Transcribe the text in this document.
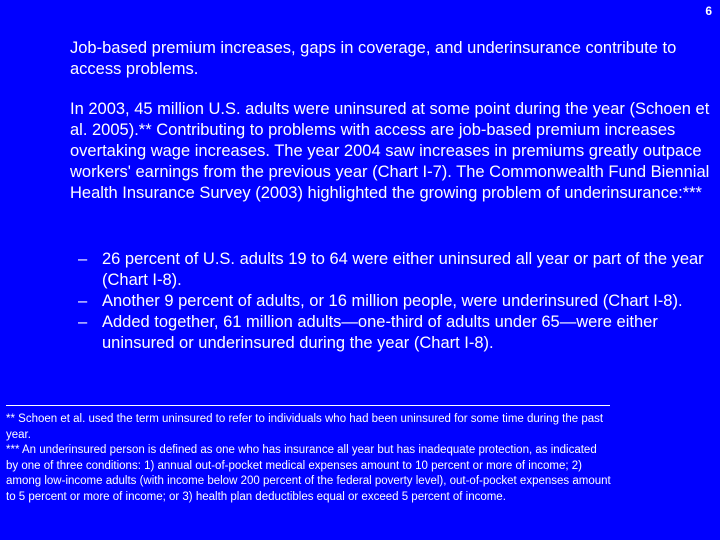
6

Job-based premium increases, gaps in coverage, and underinsurance contribute to access problems.

In 2003, 45 million U.S. adults were uninsured at some point during the year (Schoen et al. 2005).** Contributing to problems with access are job-based premium increases overtaking wage increases. The year 2004 saw increases in premiums greatly outpace workers' earnings from the previous year (Chart I-7). The Commonwealth Fund Biennial Health Insurance Survey (2003) highlighted the growing problem of underinsurance:***

– 26 percent of U.S. adults 19 to 64 were either uninsured all year or part of the year (Chart I-8).
– Another 9 percent of adults, or 16 million people, were underinsured (Chart I-8).
– Added together, 61 million adults—one-third of adults under 65—were either uninsured or underinsured during the year (Chart I-8).

** Schoen et al. used the term uninsured to refer to individuals who had been uninsured for some time during the past year.

*** An underinsured person is defined as one who has insurance all year but has inadequate protection, as indicated by one of three conditions: 1) annual out-of-pocket medical expenses amount to 10 percent or more of income; 2) among low-income adults (with income below 200 percent of the federal poverty level), out-of-pocket expenses amount to 5 percent or more of income; or 3) health plan deductibles equal or exceed 5 percent of income.
